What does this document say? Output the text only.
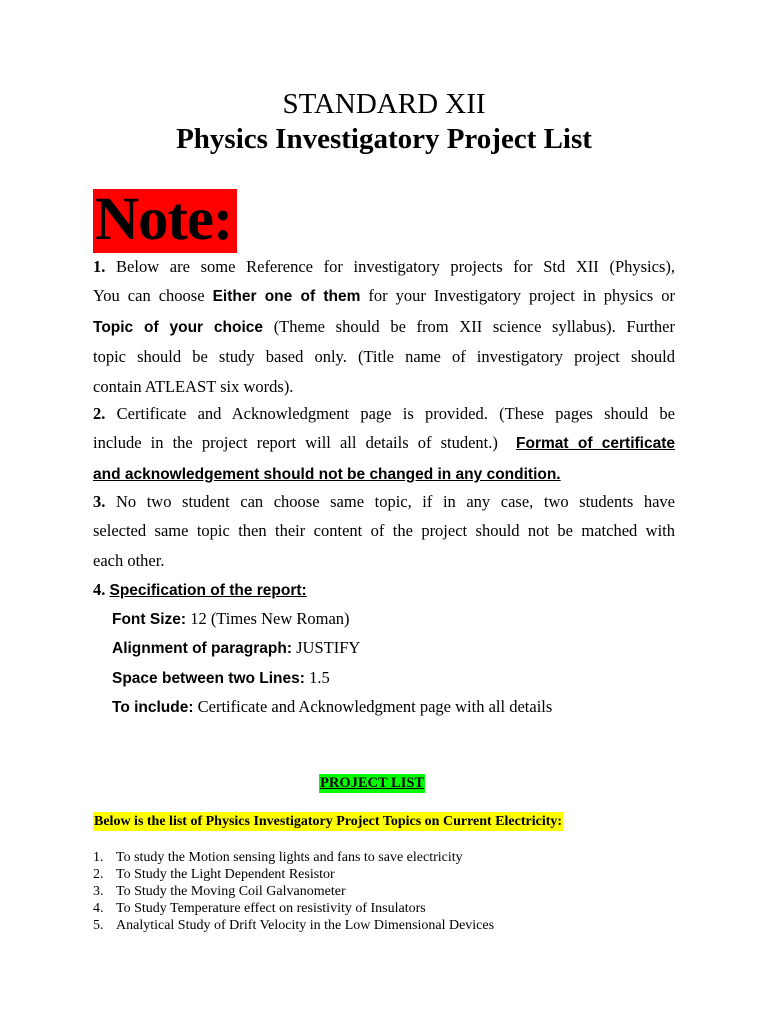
STANDARD XII
Physics Investigatory Project List
Note:
1. Below are some Reference for investigatory projects for Std XII (Physics),
You can choose Either one of them for your Investigatory project in physics or
Topic of your choice (Theme should be from XII science syllabus). Further
topic should be study based only. (Title name of investigatory project should
contain ATLEAST six words).
2. Certificate and Acknowledgment page is provided. (These pages should be
include in the project report will all details of student.) Format of certificate
and acknowledgement should not be changed in any condition.
3. No two student can choose same topic, if in any case, two students have
selected same topic then their content of the project should not be matched with
each other.
4. Specification of the report:
Font Size: 12 (Times New Roman)
Alignment of paragraph: JUSTIFY
Space between two Lines: 1.5
To include: Certificate and Acknowledgment page with all details
PROJECT LIST
Below is the list of Physics Investigatory Project Topics on Current Electricity:
1. To study the Motion sensing lights and fans to save electricity
2. To Study the Light Dependent Resistor
3. To Study the Moving Coil Galvanometer
4. To Study Temperature effect on resistivity of Insulators
5. Analytical Study of Drift Velocity in the Low Dimensional Devices
